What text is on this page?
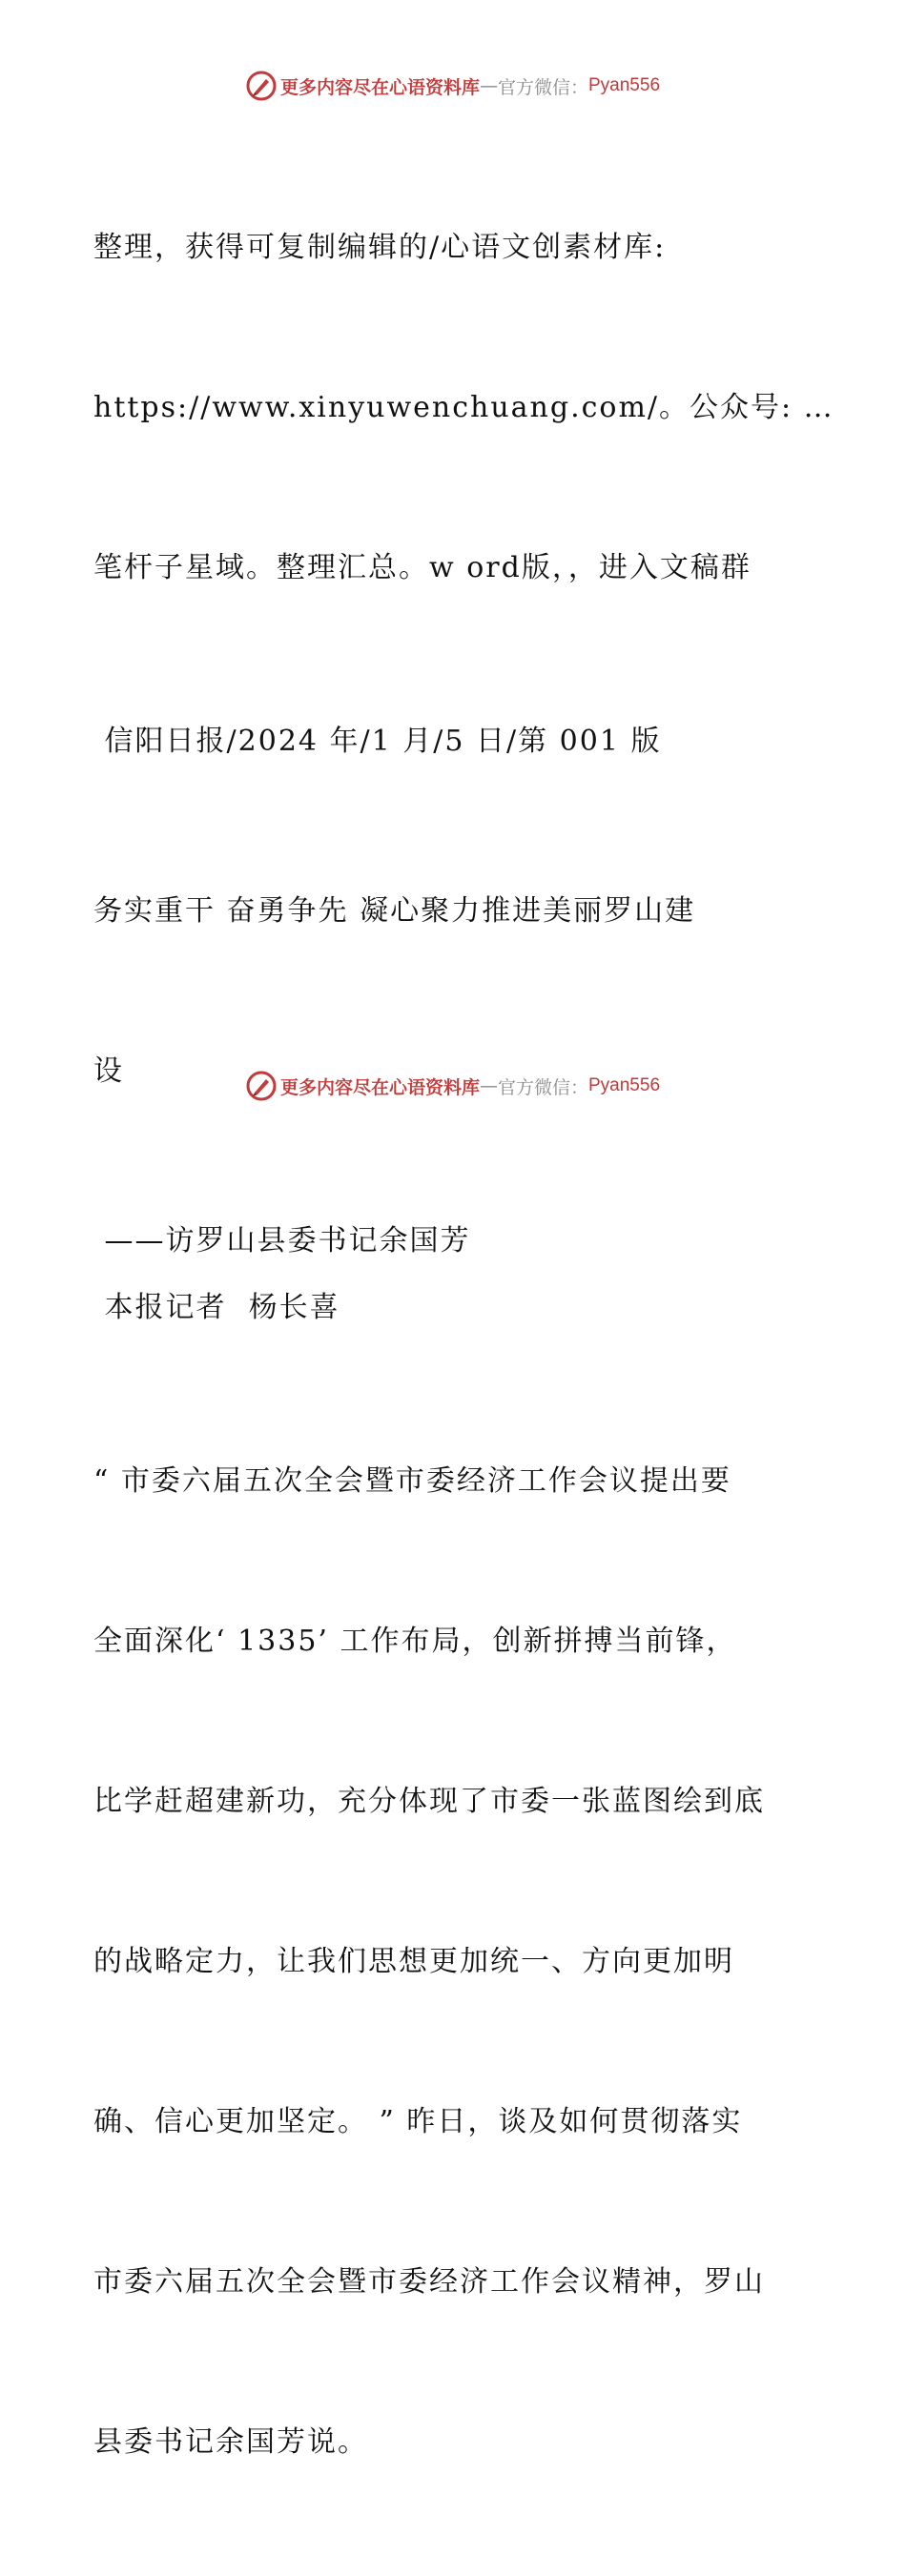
更多内容尽在心语资料库 — 官方微信： Pyan556

整理，获得可复制编辑的/心语文创素材库:

https://www.xinyuwenchuang.com/。公众号: …

笔杆子星域。整理汇总。w ord版，，进入文稿群

信阳日报/2024 年/1 月/5 日/第 001 版

务实重干 奋勇争先 凝心聚力推进美丽罗山建

设

——访罗山县委书记余国芳

本报记者  杨长喜

“ 市委六届五次全会暨市委经济工作会议提出要

全面深化‘ 1335’ 工作布局，创新拼搏当前锋，

比学赶超建新功，充分体现了市委一张蓝图绘到底

的战略定力，让我们思想更加统一、方向更加明

确、信心更加坚定。 ” 昨日，谈及如何贯彻落实

市委六届五次全会暨市委经济工作会议精神，罗山

县委书记余国芳说。

更多内容尽在心语资料库 — 官方微信： Pyan556
